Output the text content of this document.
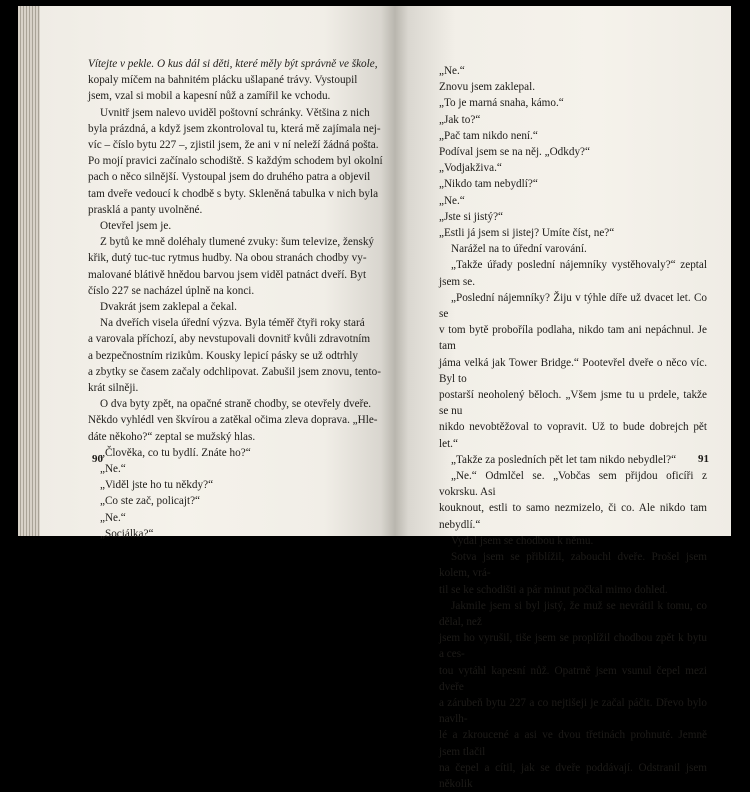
Vítejte v pekle. O kus dál si děti, které měly být správně ve škole,

kopaly míčem na bahnitém plácku ušlapané trávy. Vystoupil

jsem, vzal si mobil a kapesní nůž a zamířil ke vchodu.

Uvnitř jsem nalevo uviděl poštovní schránky. Většina z nich

byla prázdná, a když jsem zkontroloval tu, která mě zajímala nej-

víc – číslo bytu 227 –, zjistil jsem, že ani v ní neleží žádná pošta.

Po mojí pravici začínalo schodiště. S každým schodem byl okolní

pach o něco silnější. Vystoupal jsem do druhého patra a objevil

tam dveře vedoucí k chodbě s byty. Skleněná tabulka v nich byla

prasklá a panty uvolněné.

Otevřel jsem je.

Z bytů ke mně doléhaly tlumené zvuky: šum televize, ženský

křik, dutý tuc-tuc rytmus hudby. Na obou stranách chodby vy-

malované blátivě hnědou barvou jsem viděl patnáct dveří. Byt

číslo 227 se nacházel úplně na konci.

Dvakrát jsem zaklepal a čekal.

Na dveřích visela úřední výzva. Byla téměř čtyři roky stará

a varovala příchozí, aby nevstupovali dovnitř kvůli zdravotním

a bezpečnostním rizikům. Kousky lepicí pásky se už odtrhly

a zbytky se časem začaly odchlipovat. Zabušil jsem znovu, tento-

krát silněji.

O dva byty zpět, na opačné straně chodby, se otevřely dveře.

Někdo vyhlédl ven škvírou a zatěkal očima zleva doprava. „Hle-

dáte někoho?“ zeptal se mužský hlas.

„Člověka, co tu bydlí. Znáte ho?“

„Ne.“

„Viděl jste ho tu někdy?“

„Co ste zač, policajt?“

„Ne.“

„Sociálka?“

90

„Ne.“

Znovu jsem zaklepal.

„To je marná snaha, kámo.“

„Jak to?“

„Pač tam nikdo není.“

Podíval jsem se na něj. „Odkdy?“

„Vodjakživa.“

„Nikdo tam nebydlí?“

„Ne.“

„Jste si jistý?“

„Estli já jsem si jistej? Umíte číst, ne?“

Narážel na to úřední varování.

„Takže úřady poslední nájemníky vystěhovaly?“ zeptal jsem se.

„Poslední nájemníky? Žiju v týhle díře už dvacet let. Co se

v tom bytě proboříla podlaha, nikdo tam ani nepáchnul. Je tam

jáma velká jak Tower Bridge.“ Pootevřel dveře o něco víc. Byl to

postarší neoholený běloch. „Všem jsme tu u prdele, takže se nu

nikdo nevobtěžoval to vopravit. Už to bude dobrejch pět let.“

„Takže za posledních pět let tam nikdo nebydlel?“

„Ne.“ Odmlčel se. „Vobčas sem přijdou oficíři z vokrsku. Asi

kouknout, estli to samo nezmizelo, či co. Ale nikdo tam nebydlí.“

Vydal jsem se chodbou k němu.

Sotva jsem se přiblížil, zabouchl dveře. Prošel jsem kolem, vrá-

til se ke schodišti a pár minut počkal mimo dohled.

Jakmile jsem si byl jistý, že muž se nevrátil k tomu, co dělal, než

jsem ho vyrušil, tiše jsem se proplížil chodbou zpět k bytu a ces-

tou vytáhl kapesní nůž. Opatrně jsem vsunul čepel mezi dveře

a zárubeň bytu 227 a co nejtišeji je začal páčit. Dřevo bylo navlh-

lé a zkroucené a asi ve dvou třetinách prohnuté. Jemně jsem tlačil

na čepel a cítil, jak se dveře poddávají. Odstranil jsem několik

91
